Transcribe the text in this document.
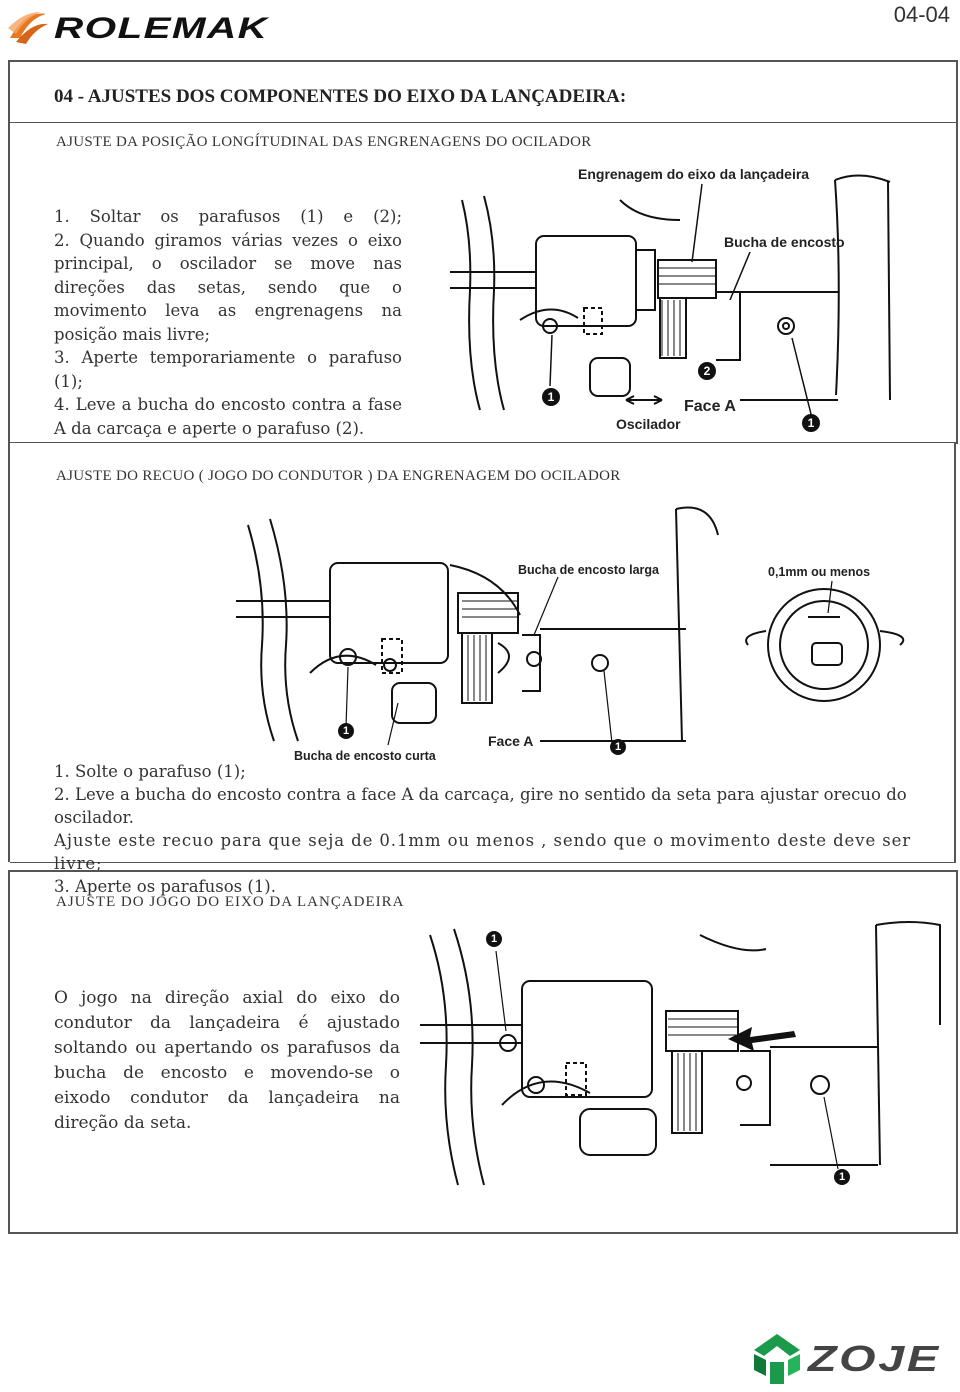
ROLEMAK	04-04
04 - AJUSTES DOS COMPONENTES DO EIXO DA LANÇADEIRA:
AJUSTE DA POSIÇÃO LONGÍTUDINAL DAS ENGRENAGENS DO OCILADOR
1. Soltar os parafusos (1) e (2);
2. Quando giramos várias vezes o eixo principal, o oscilador se move nas direções das setas, sendo que o movimento leva as engrenagens na posição mais livre;
3. Aperte temporariamente o parafuso (1);
4. Leve a bucha do encosto contra a fase A da carcaça e aperte o parafuso (2).
Engrenagem do eixo da lançadeira
Bucha de encosto
Face A
Oscilador
1
2
1
AJUSTE DO RECUO ( JOGO DO CONDUTOR ) DA ENGRENAGEM DO OCILADOR
Bucha de encosto larga	0,1mm ou menos
Bucha de encosto curta
Face A
1
1
1. Solte o parafuso (1);
2. Leve a bucha do encosto contra a face A da carcaça, gire no sentido da seta para ajustar orecuo do oscilador.
Ajuste este recuo para que seja de 0.1mm ou menos , sendo que o movimento deste deve ser livre;
3. Aperte os parafusos (1).
AJUSTE DO JOGO DO EIXO DA LANÇADEIRA
O jogo na direção axial do eixo do condutor da lançadeira é ajustado soltando ou apertando os parafusos da bucha de encosto e movendo-se o eixodo condutor da lançadeira na direção da seta.
1
1
ZOJE
